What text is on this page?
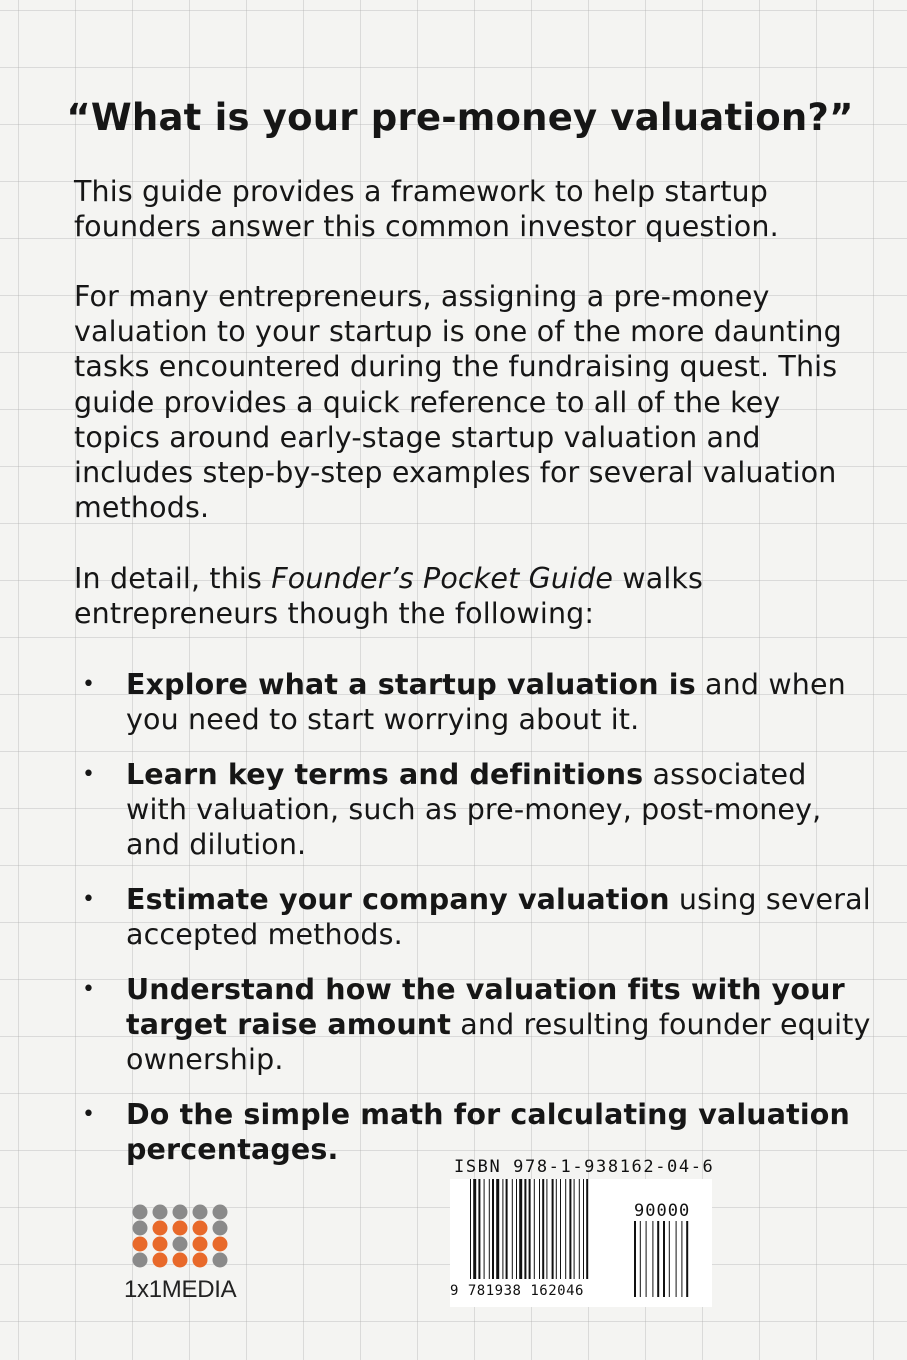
“What is your pre-money valuation?”

This guide provides a framework to help startup founders answer this common investor question.

For many entrepreneurs, assigning a pre-money valuation to your startup is one of the more daunting tasks encountered during the fundraising quest. This guide provides a quick reference to all of the key topics around early-stage startup valuation and includes step-by-step examples for several valuation methods.

In detail, this Founder’s Pocket Guide walks entrepreneurs though the following:

• Explore what a startup valuation is and when you need to start worrying about it.
• Learn key terms and definitions associated with valuation, such as pre-money, post-money, and dilution.
• Estimate your company valuation using several accepted methods.
• Understand how the valuation fits with your target raise amount and resulting founder equity ownership.
• Do the simple math for calculating valuation percentages.
1x1MEDIA
ISBN 978-1-938162-04-6
90000
9 781938 162046
